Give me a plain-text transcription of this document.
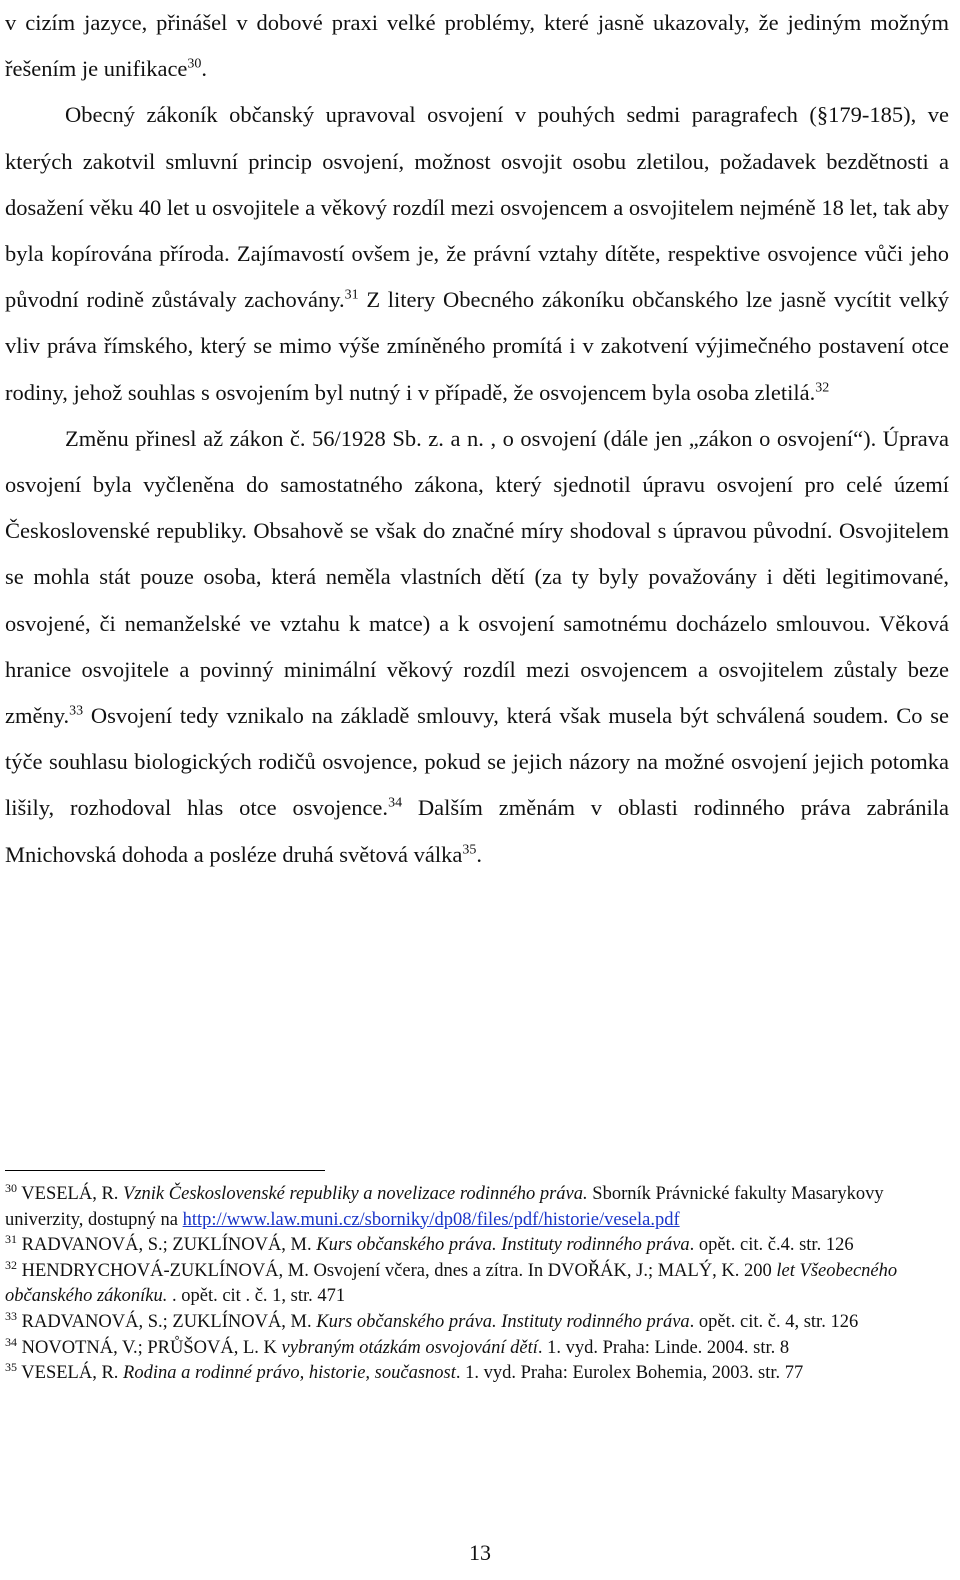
v cizím jazyce, přinášel v dobové praxi velké problémy, které jasně ukazovaly, že jediným možným řešením je unifikace$^{30}$.

Obecný zákoník občanský upravoval osvojení v pouhých sedmi paragrafech (§179-185), ve kterých zakotvil smluvní princip osvojení, možnost osvojit osobu zletilou, požadavek bezdětnosti a dosažení věku 40 let u osvojitele a věkový rozdíl mezi osvojencem a osvojitelem nejméně 18 let, tak aby byla kopírována příroda. Zajímavostí ovšem je, že právní vztahy dítěte, respektive osvojence vůči jeho původní rodině zůstávaly zachovány.$^{31}$ Z litery Obecného zákoníku občanského lze jasně vycítit velký vliv práva římského, který se mimo výše zmíněného promítá i v zakotvení výjimečného postavení otce rodiny, jehož souhlas s osvojením byl nutný i v případě, že osvojencem byla osoba zletilá.$^{32}$

Změnu přinesl až zákon č. 56/1928 Sb. z. a n. , o osvojení (dále jen „zákon o osvojení“). Úprava osvojení byla vyčleněna do samostatného zákona, který sjednotil úpravu osvojení pro celé území Československé republiky. Obsahově se však do značné míry shodoval s úpravou původní. Osvojitelem se mohla stát pouze osoba, která neměla vlastních dětí (za ty byly považovány i děti legitimované, osvojené, či nemanželské ve vztahu k matce) a k osvojení samotnému docházelo smlouvou. Věková hranice osvojitele a povinný minimální věkový rozdíl mezi osvojencem a osvojitelem zůstaly beze změny.$^{33}$ Osvojení tedy vznikalo na základě smlouvy, která však musela být schválená soudem. Co se týče souhlasu biologických rodičů osvojence, pokud se jejich názory na možné osvojení jejich potomka lišily, rozhodoval hlas otce osvojence.$^{34}$ Dalším změnám v oblasti rodinného práva zabránila Mnichovská dohoda a posléze druhá světová válka$^{35}$.

$^{30}$ VESELÁ, R. Vznik Československé republiky a novelizace rodinného práva. Sborník Právnické fakulty Masarykovy univerzity, dostupný na http://www.law.muni.cz/sborniky/dp08/files/pdf/historie/vesela.pdf

$^{31}$ RADVANOVÁ, S.; ZUKLÍNOVÁ, M. Kurs občanského práva. Instituty rodinného práva. opět. cit. č.4. str. 126

$^{32}$ HENDRYCHOVÁ-ZUKLÍNOVÁ, M. Osvojení včera, dnes a zítra. In DVOŘÁK, J.; MALÝ, K. 200 let Všeobecného občanského zákoníku. . opět. cit . č. 1, str. 471

$^{33}$ RADVANOVÁ, S.; ZUKLÍNOVÁ, M. Kurs občanského práva. Instituty rodinného práva. opět. cit. č. 4, str. 126

$^{34}$ NOVOTNÁ, V.; PRŮŠOVÁ, L. K vybraným otázkám osvojování dětí. 1. vyd. Praha: Linde. 2004. str. 8

$^{35}$ VESELÁ, R. Rodina a rodinné právo, historie, současnost. 1. vyd. Praha: Eurolex Bohemia, 2003. str. 77

13
